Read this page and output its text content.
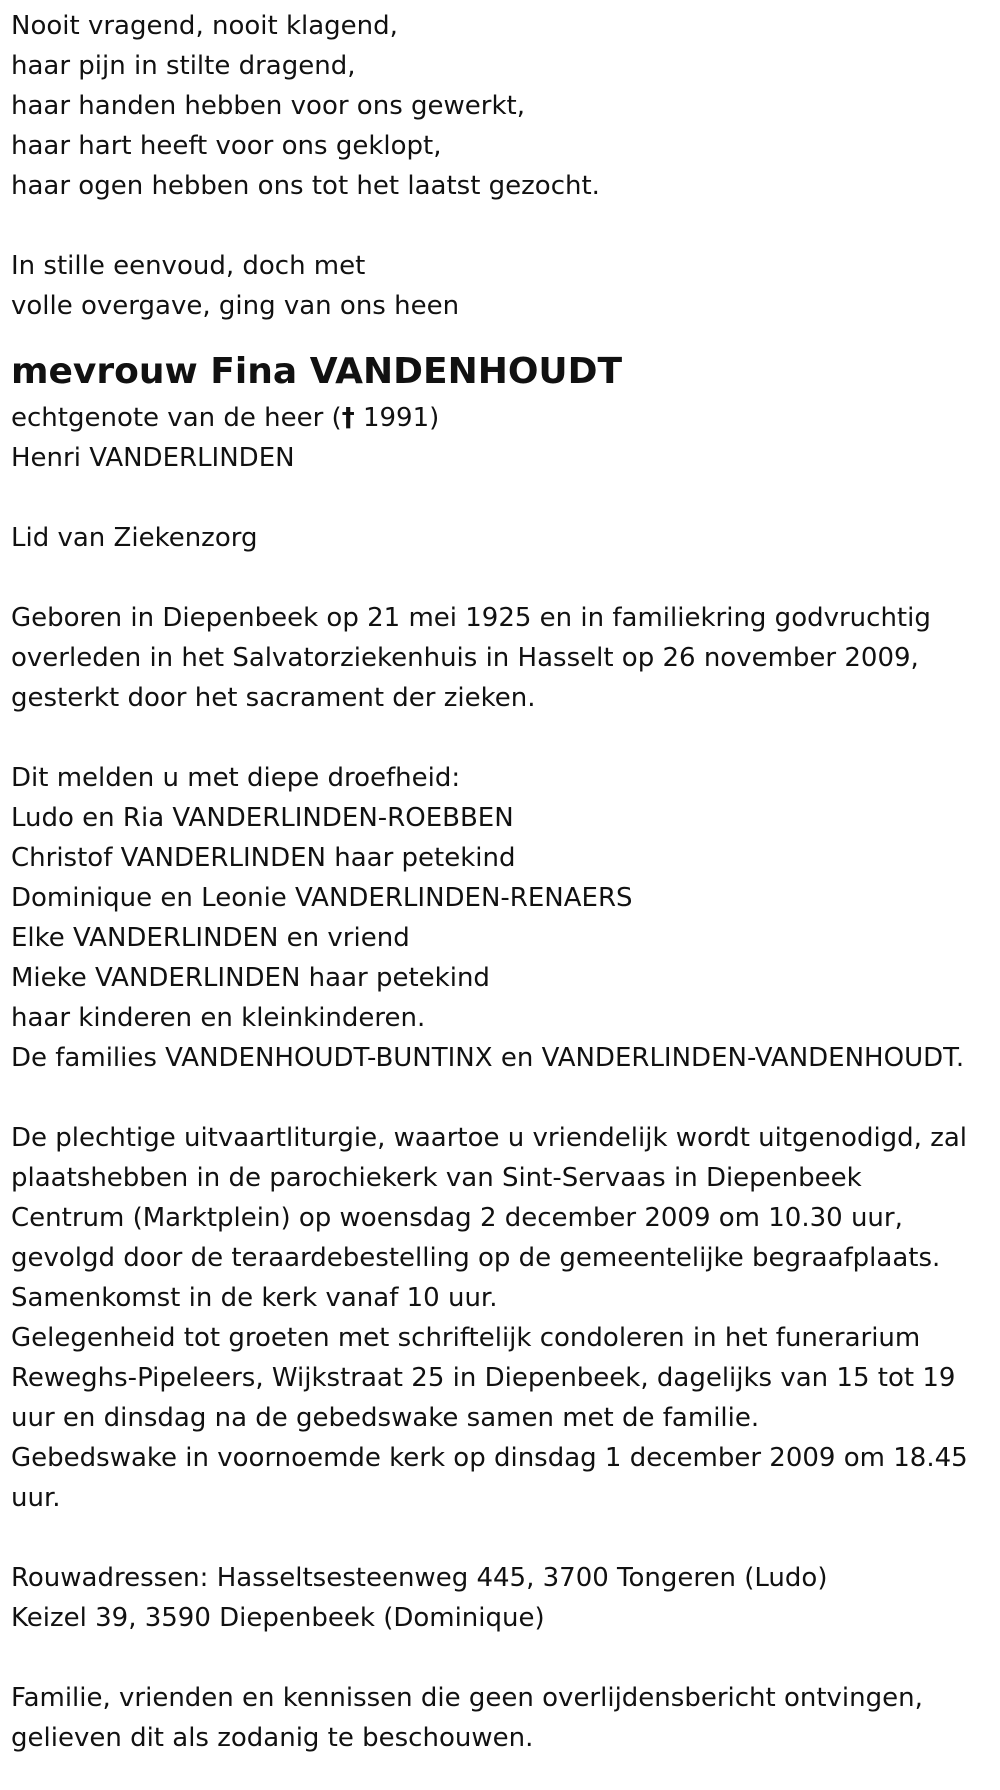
Nooit vragend, nooit klagend,
haar pijn in stilte dragend,
haar handen hebben voor ons gewerkt,
haar hart heeft voor ons geklopt,
haar ogen hebben ons tot het laatst gezocht.
In stille eenvoud, doch met
volle overgave, ging van ons heen
mevrouw Fina VANDENHOUDT
echtgenote van de heer († 1991)
Henri VANDERLINDEN
Lid van Ziekenzorg
Geboren in Diepenbeek op 21 mei 1925 en in familiekring godvruchtig
overleden in het Salvatorziekenhuis in Hasselt op 26 november 2009,
gesterkt door het sacrament der zieken.
Dit melden u met diepe droefheid:
Ludo en Ria VANDERLINDEN-ROEBBEN
Christof VANDERLINDEN haar petekind
Dominique en Leonie VANDERLINDEN-RENAERS
Elke VANDERLINDEN en vriend
Mieke VANDERLINDEN haar petekind
haar kinderen en kleinkinderen.
De families VANDENHOUDT-BUNTINX en VANDERLINDEN-VANDENHOUDT.
De plechtige uitvaartliturgie, waartoe u vriendelijk wordt uitgenodigd, zal
plaatshebben in de parochiekerk van Sint-Servaas in Diepenbeek
Centrum (Marktplein) op woensdag 2 december 2009 om 10.30 uur,
gevolgd door de teraardebestelling op de gemeentelijke begraafplaats.
Samenkomst in de kerk vanaf 10 uur.
Gelegenheid tot groeten met schriftelijk condoleren in het funerarium
Reweghs-Pipeleers, Wijkstraat 25 in Diepenbeek, dagelijks van 15 tot 19
uur en dinsdag na de gebedswake samen met de familie.
Gebedswake in voornoemde kerk op dinsdag 1 december 2009 om 18.45
uur.
Rouwadressen: Hasseltsesteenweg 445, 3700 Tongeren (Ludo)
Keizel 39, 3590 Diepenbeek (Dominique)
Familie, vrienden en kennissen die geen overlijdensbericht ontvingen,
gelieven dit als zodanig te beschouwen.
